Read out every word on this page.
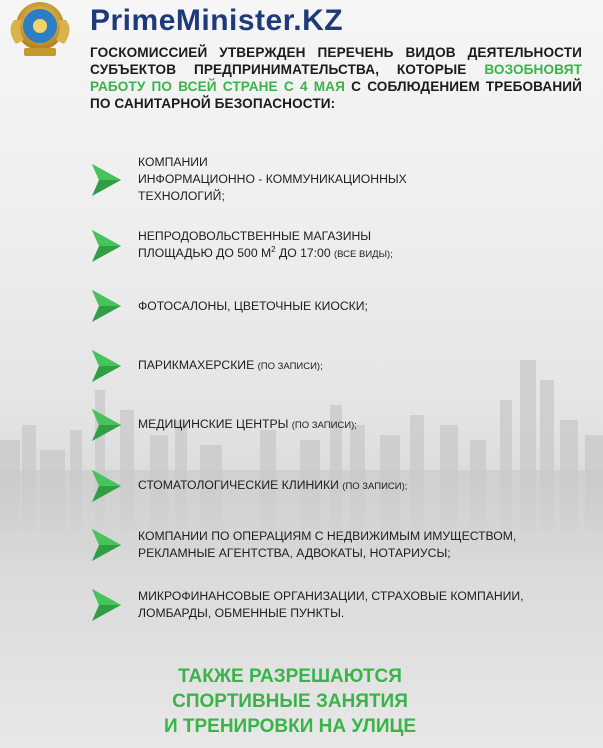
PrimeMinister.KZ

ГОСКОМИССИЕЙ УТВЕРЖДЕН ПЕРЕЧЕНЬ ВИДОВ ДЕЯТЕЛЬНОСТИ СУБЪЕКТОВ ПРЕДПРИНИМАТЕЛЬСТВА, КОТОРЫЕ ВОЗОБНОВЯТ РАБОТУ ПО ВСЕЙ СТРАНЕ С 4 МАЯ С СОБЛЮДЕНИЕМ ТРЕБОВАНИЙ ПО САНИТАРНОЙ БЕЗОПАСНОСТИ:

КОМПАНИИ
ИНФОРМАЦИОННО - КОММУНИКАЦИОННЫХ
ТЕХНОЛОГИЙ;
НЕПРОДОВОЛЬСТВЕННЫЕ МАГАЗИНЫ
ПЛОЩАДЬЮ ДО 500 $М^2$ ДО 17:00 (ВСЕ ВИДЫ);
ФОТОСАЛОНЫ, ЦВЕТОЧНЫЕ КИОСКИ;
ПАРИКМАХЕРСКИЕ (ПО ЗАПИСИ);
МЕДИЦИНСКИЕ ЦЕНТРЫ (ПО ЗАПИСИ);
СТОМАТОЛОГИЧЕСКИЕ КЛИНИКИ (ПО ЗАПИСИ);
КОМПАНИИ ПО ОПЕРАЦИЯМ С НЕДВИЖИМЫМ ИМУЩЕСТВОМ,
РЕКЛАМНЫЕ АГЕНТСТВА, АДВОКАТЫ, НОТАРИУСЫ;
МИКРОФИНАНСОВЫЕ ОРГАНИЗАЦИИ, СТРАХОВЫЕ КОМПАНИИ,
ЛОМБАРДЫ, ОБМЕННЫЕ ПУНКТЫ.
ТАКЖЕ РАЗРЕШАЮТСЯ
СПОРТИВНЫЕ ЗАНЯТИЯ
И ТРЕНИРОВКИ НА УЛИЦЕ
